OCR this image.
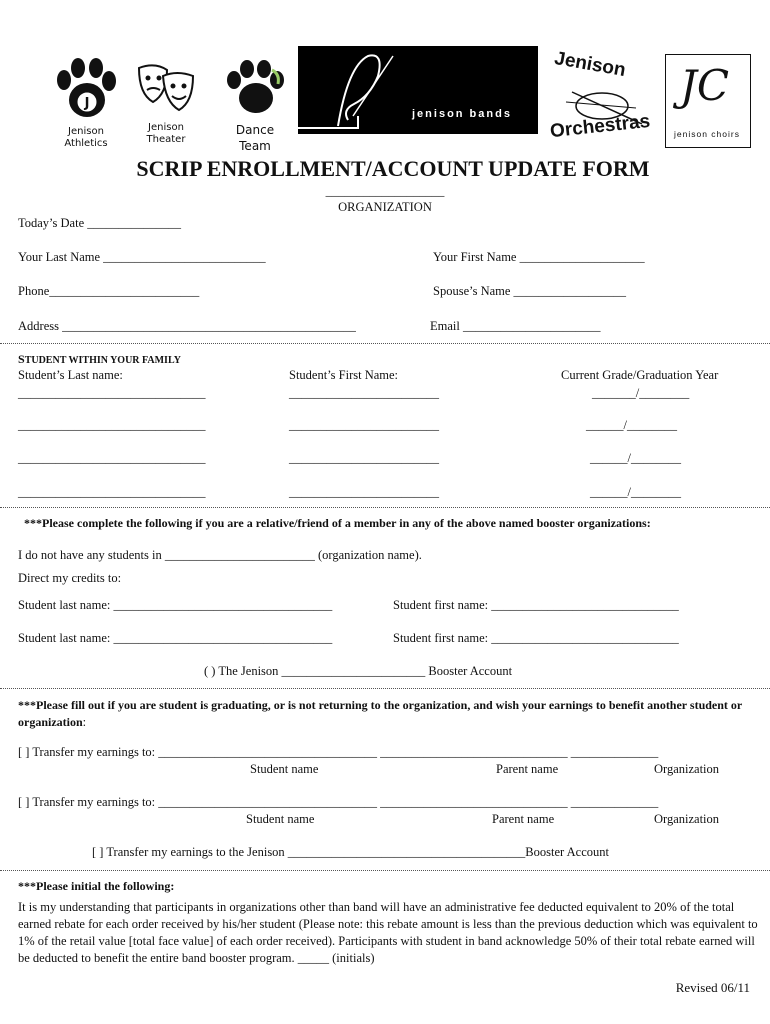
J
Jenison
Athletics
Jenison
Theater
Dance
Team
jenison bands
Jenison
Orchestras
JC
jenison choirs
SCRIP ENROLLMENT/ACCOUNT UPDATE FORM
___________________
ORGANIZATION
Today’s Date _______________
Your Last Name __________________________	Your First Name ____________________
Phone________________________	Spouse’s Name __________________
Address _______________________________________________	Email ______________________
STUDENT WITHIN YOUR FAMILY
Student’s Last name:	Student’s First Name:	Current Grade/Graduation Year
______________________________	________________________	_______/________
______________________________	________________________	______/________
______________________________	________________________	______/________
______________________________	________________________	______/________
***Please complete the following if you are a relative/friend of a member in any of the above named booster organizations:
I do not have any students in ________________________ (organization name).
Direct my credits to:
Student last name: ___________________________________	Student first name: ______________________________
Student last name: ___________________________________	Student first name: ______________________________
( ) The Jenison _______________________ Booster Account
***Please fill out if you are student is graduating, or is not returning to the organization, and wish your earnings to benefit another student or organization:
[ ] Transfer my earnings to: ___________________________________ ______________________________ ______________
Student name	Parent name	Organization
[ ] Transfer my earnings to: ___________________________________ ______________________________ ______________
Student name	Parent name	Organization
[ ] Transfer my earnings to the Jenison ______________________________________Booster Account
***Please initial the following:
It is my understanding that participants in organizations other than band will have an administrative fee deducted equivalent to 20% of the total earned rebate for each order received by his/her student (Please note: this rebate amount is less than the previous deduction which was equivalent to 1% of the retail value [total face value] of each order received). Participants with student in band acknowledge 50% of their total rebate earned will be deducted to benefit the entire band booster program. _____ (initials)
Revised 06/11
